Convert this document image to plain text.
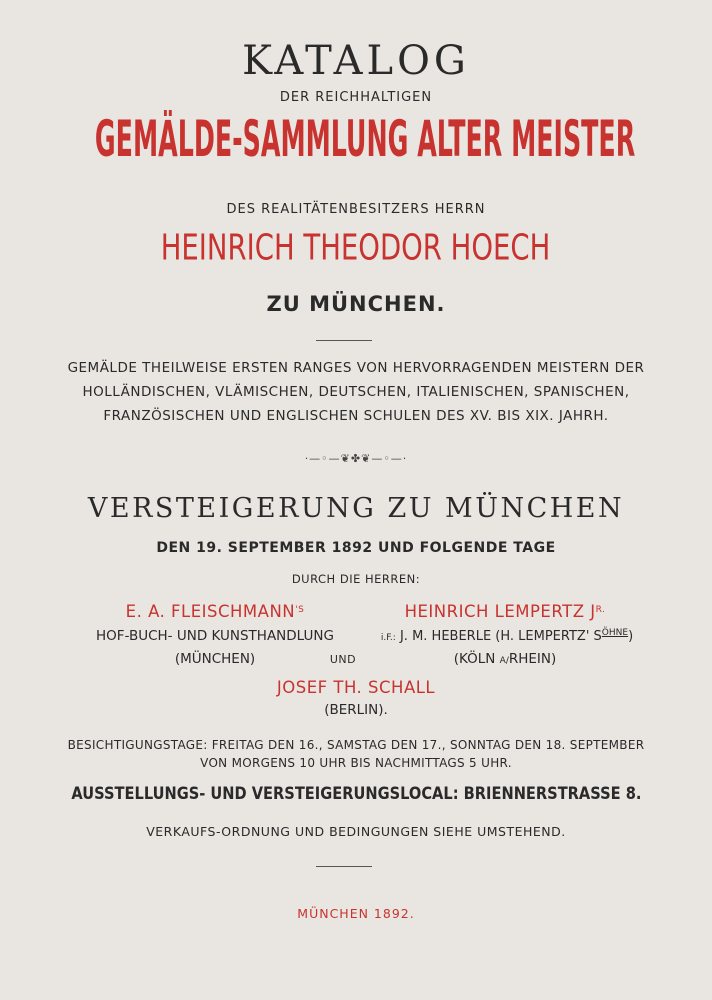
KATALOG
DER REICHHALTIGEN
GEMÄLDE-SAMMLUNG ALTER MEISTER
DES REALITÄTENBESITZERS HERRN
HEINRICH THEODOR HOECH
ZU MÜNCHEN.
GEMÄLDE THEILWEISE ERSTEN RANGES VON HERVORRAGENDEN MEISTERN DER
HOLLÄNDISCHEN, VLÄMISCHEN, DEUTSCHEN, ITALIENISCHEN, SPANISCHEN,
FRANZÖSISCHEN UND ENGLISCHEN SCHULEN DES XV. BIS XIX. JAHRH.
·—◦—❦✤❦—◦—·
VERSTEIGERUNG ZU MÜNCHEN
DEN 19. SEPTEMBER 1892 UND FOLGENDE TAGE
DURCH DIE HERREN:
E. A. $FLEISCHMANN^{'S}$
HOF-BUCH- UND KUNSTHANDLUNG
(MÜNCHEN)	UND
HEINRICH LEMPERTZ $J^{R.}$
i.F.: J. M. HEBERLE (H. LEMPERTZ' $S^{ÖHNE}$)
(KÖLN A/RHEIN)
JOSEF TH. SCHALL
(BERLIN).
BESICHTIGUNGSTAGE: FREITAG DEN 16., SAMSTAG DEN 17., SONNTAG DEN 18. SEPTEMBER
VON MORGENS 10 UHR BIS NACHMITTAGS 5 UHR.
AUSSTELLUNGS- UND VERSTEIGERUNGSLOCAL: BRIENNERSTRASSE 8.
VERKAUFS-ORDNUNG UND BEDINGUNGEN SIEHE UMSTEHEND.
MÜNCHEN 1892.
